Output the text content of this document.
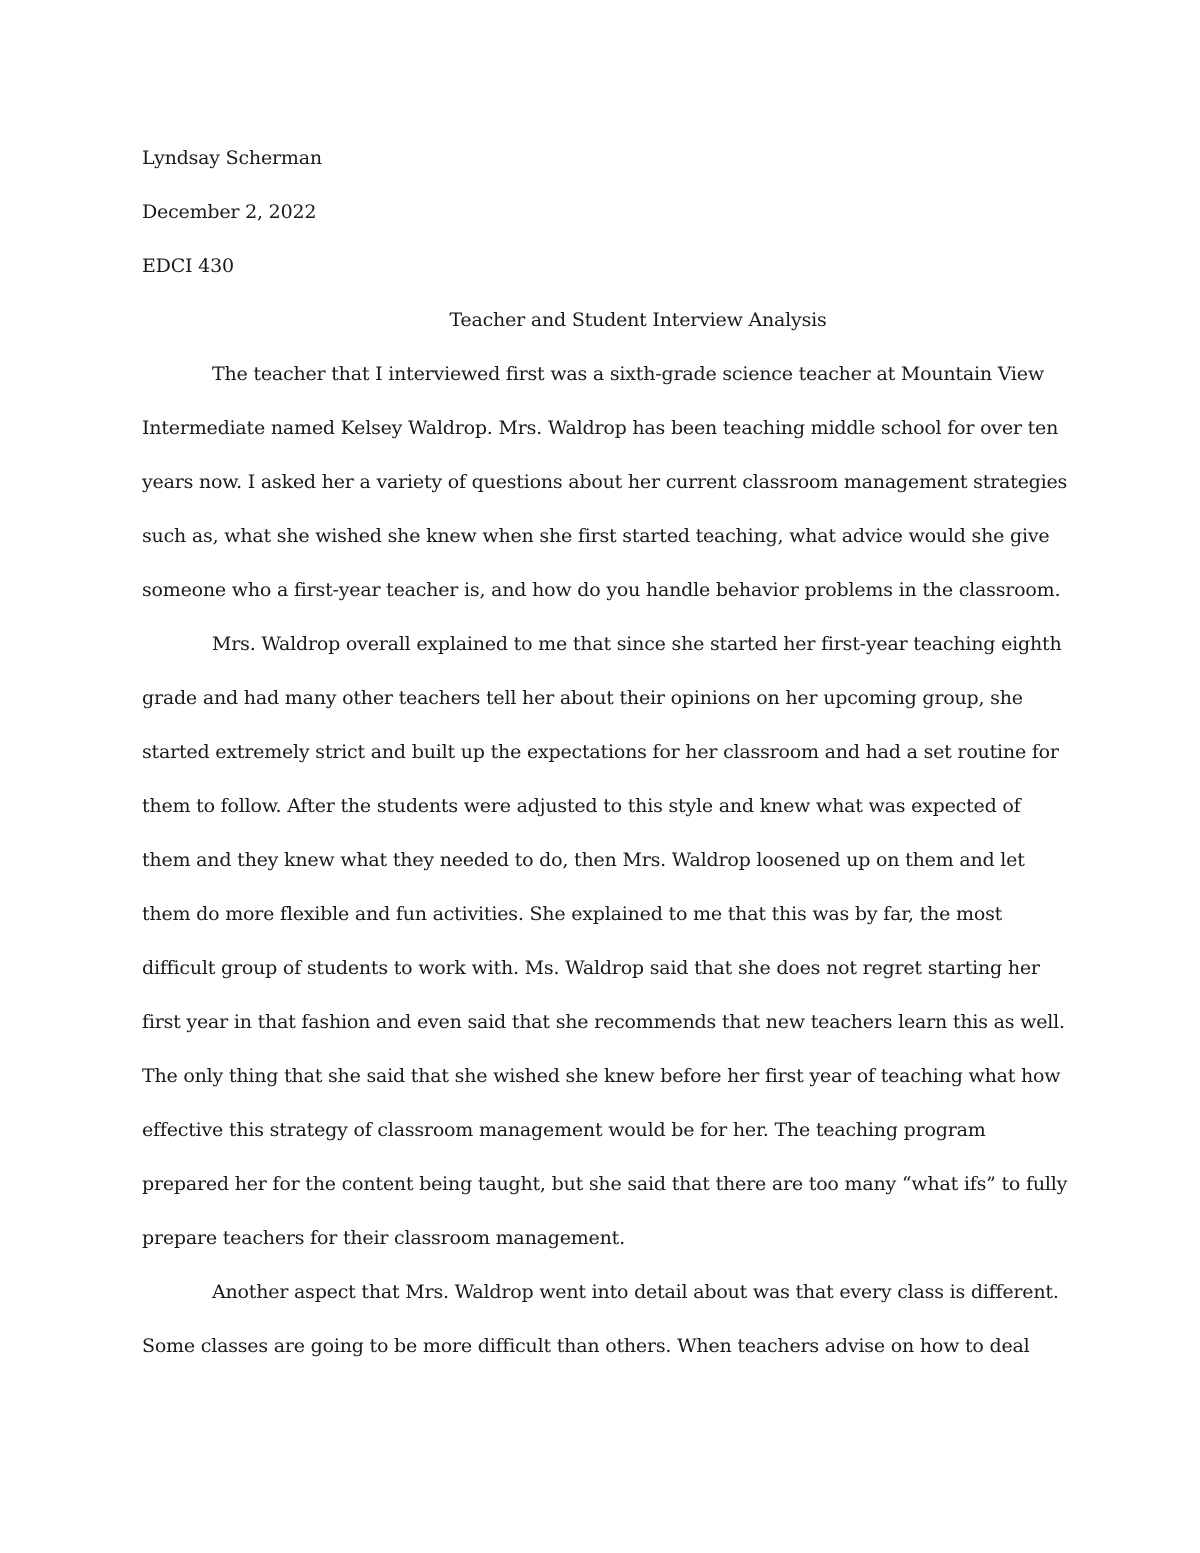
Lyndsay Scherman
December 2, 2022
EDCI 430
Teacher and Student Interview Analysis
The teacher that I interviewed first was a sixth-grade science teacher at Mountain View
Intermediate named Kelsey Waldrop. Mrs. Waldrop has been teaching middle school for over ten
years now. I asked her a variety of questions about her current classroom management strategies
such as, what she wished she knew when she first started teaching, what advice would she give
someone who a first-year teacher is, and how do you handle behavior problems in the classroom.
Mrs. Waldrop overall explained to me that since she started her first-year teaching eighth
grade and had many other teachers tell her about their opinions on her upcoming group, she
started extremely strict and built up the expectations for her classroom and had a set routine for
them to follow. After the students were adjusted to this style and knew what was expected of
them and they knew what they needed to do, then Mrs. Waldrop loosened up on them and let
them do more flexible and fun activities. She explained to me that this was by far, the most
difficult group of students to work with. Ms. Waldrop said that she does not regret starting her
first year in that fashion and even said that she recommends that new teachers learn this as well.
The only thing that she said that she wished she knew before her first year of teaching what how
effective this strategy of classroom management would be for her. The teaching program
prepared her for the content being taught, but she said that there are too many “what ifs” to fully
prepare teachers for their classroom management.
Another aspect that Mrs. Waldrop went into detail about was that every class is different.
Some classes are going to be more difficult than others. When teachers advise on how to deal
